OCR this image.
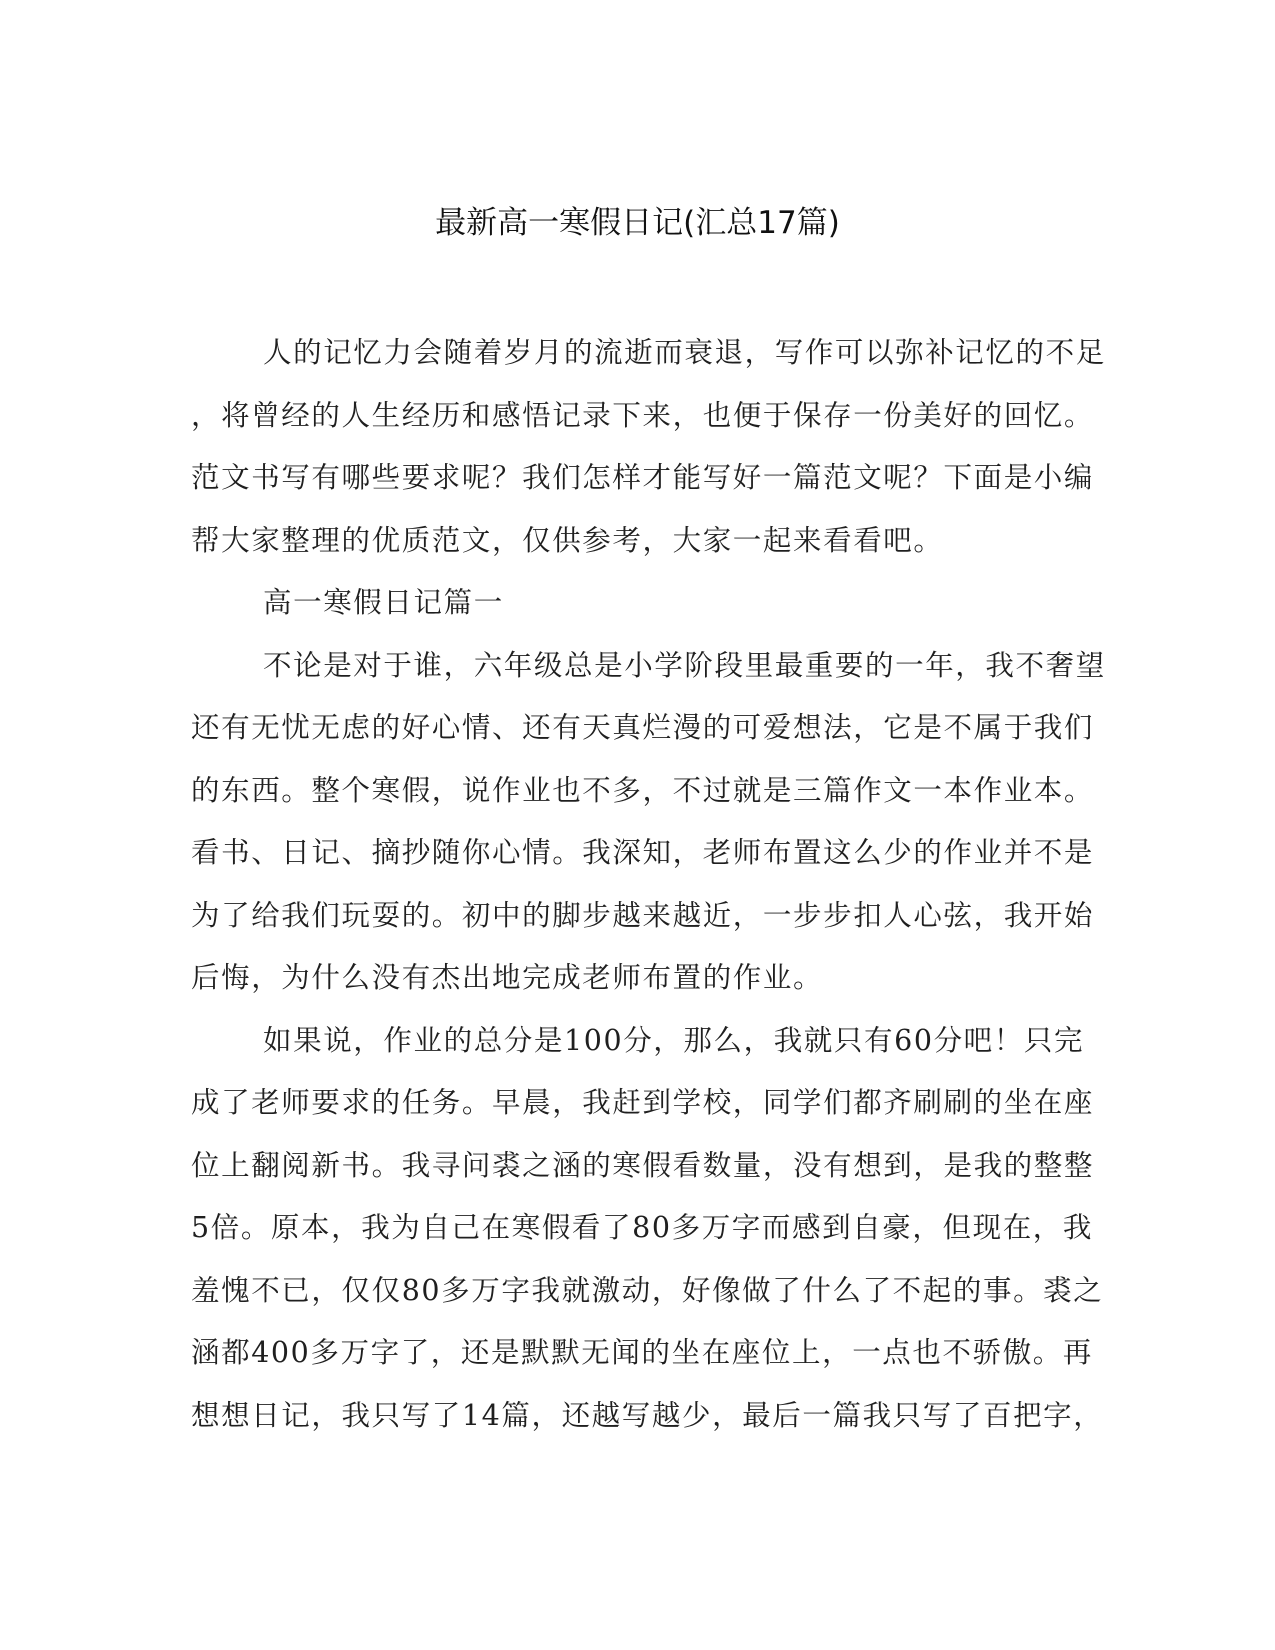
最新高一寒假日记(汇总17篇)
人的记忆力会随着岁月的流逝而衰退，写作可以弥补记忆的不足
，将曾经的人生经历和感悟记录下来，也便于保存一份美好的回忆。
范文书写有哪些要求呢？我们怎样才能写好一篇范文呢？下面是小编
帮大家整理的优质范文，仅供参考，大家一起来看看吧。
高一寒假日记篇一
不论是对于谁，六年级总是小学阶段里最重要的一年，我不奢望
还有无忧无虑的好心情、还有天真烂漫的可爱想法，它是不属于我们
的东西。整个寒假，说作业也不多，不过就是三篇作文一本作业本。
看书、日记、摘抄随你心情。我深知，老师布置这么少的作业并不是
为了给我们玩耍的。初中的脚步越来越近，一步步扣人心弦，我开始
后悔，为什么没有杰出地完成老师布置的作业。
如果说，作业的总分是100分，那么，我就只有60分吧！只完
成了老师要求的任务。早晨，我赶到学校，同学们都齐刷刷的坐在座
位上翻阅新书。我寻问裘之涵的寒假看数量，没有想到，是我的整整
5倍。原本，我为自己在寒假看了80多万字而感到自豪，但现在，我
羞愧不已，仅仅80多万字我就激动，好像做了什么了不起的事。裘之
涵都400多万字了，还是默默无闻的坐在座位上，一点也不骄傲。再
想想日记，我只写了14篇，还越写越少，最后一篇我只写了百把字，
